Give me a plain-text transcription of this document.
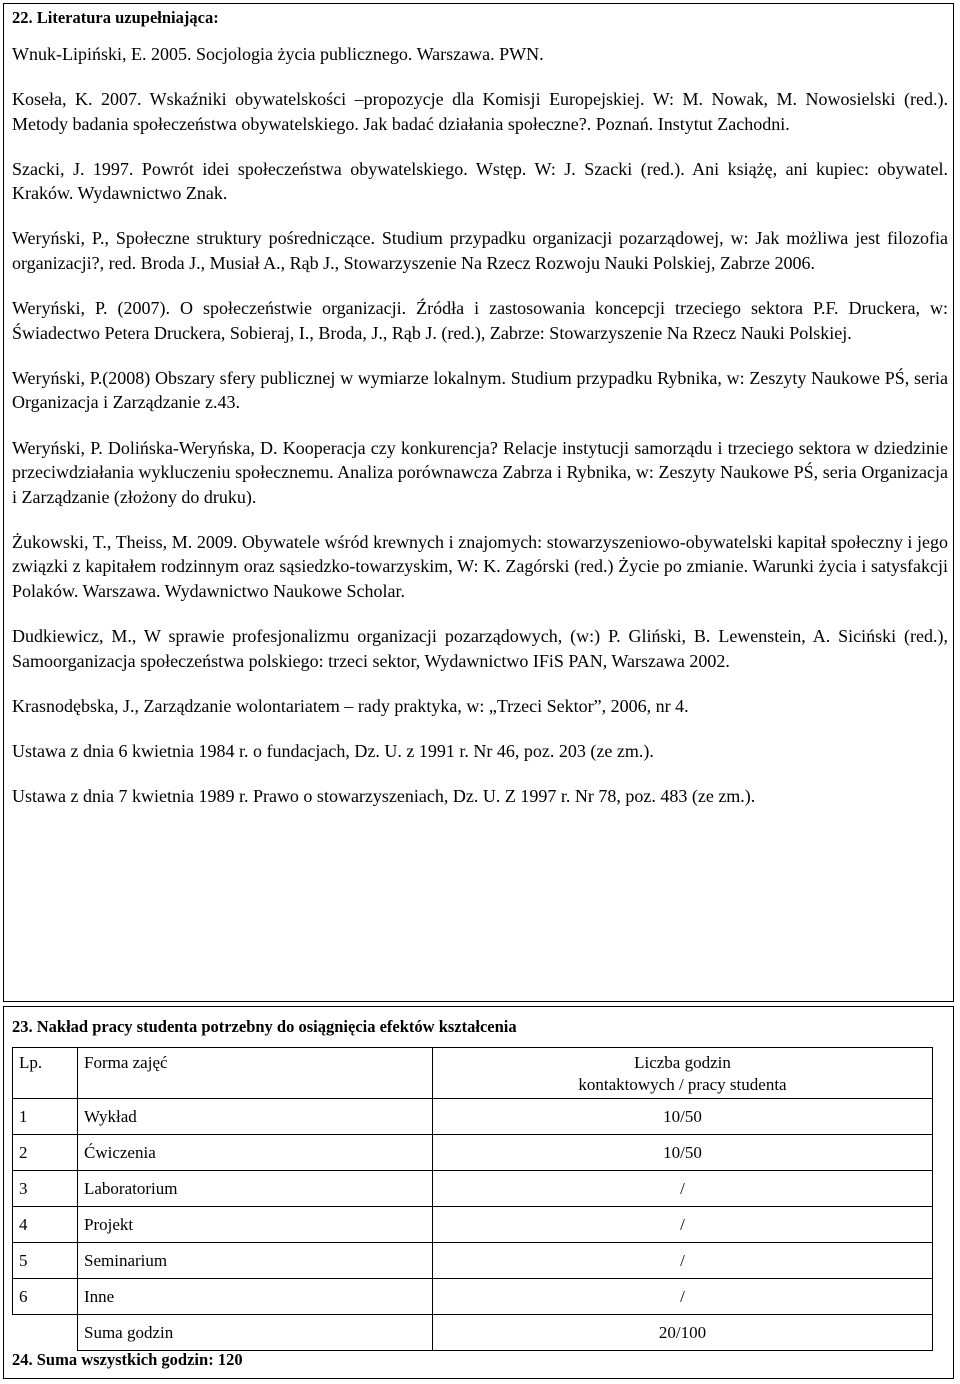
22. Literatura uzupełniająca:

Wnuk-Lipiński, E. 2005. Socjologia życia publicznego. Warszawa. PWN.

Koseła, K. 2007. Wskaźniki obywatelskości –propozycje dla Komisji Europejskiej. W: M. Nowak, M. Nowosielski (red.). Metody badania społeczeństwa obywatelskiego. Jak badać działania społeczne?. Poznań. Instytut Zachodni.

Szacki, J. 1997. Powrót idei społeczeństwa obywatelskiego. Wstęp. W: J. Szacki (red.). Ani książę, ani kupiec: obywatel. Kraków. Wydawnictwo Znak.

Weryński, P., Społeczne struktury pośredniczące. Studium przypadku organizacji pozarządowej, w: Jak możliwa jest filozofia organizacji?, red. Broda J., Musiał A., Rąb J., Stowarzyszenie Na Rzecz Rozwoju Nauki Polskiej, Zabrze 2006.

Weryński, P. (2007). O społeczeństwie organizacji. Źródła i zastosowania koncepcji trzeciego sektora P.F. Druckera, w: Świadectwo Petera Druckera, Sobieraj, I., Broda, J., Rąb J. (red.), Zabrze: Stowarzyszenie Na Rzecz Nauki Polskiej.

Weryński, P.(2008) Obszary sfery publicznej w wymiarze lokalnym. Studium przypadku Rybnika, w: Zeszyty Naukowe PŚ, seria Organizacja i Zarządzanie z.43.

Weryński, P. Dolińska-Weryńska, D. Kooperacja czy konkurencja? Relacje instytucji samorządu i trzeciego sektora w dziedzinie przeciwdziałania wykluczeniu społecznemu. Analiza porównawcza Zabrza i Rybnika, w: Zeszyty Naukowe PŚ, seria Organizacja i Zarządzanie (złożony do druku).

Żukowski, T., Theiss, M. 2009. Obywatele wśród krewnych i znajomych: stowarzyszeniowo-obywatelski kapitał społeczny i jego związki z kapitałem rodzinnym oraz sąsiedzko-towarzyskim, W: K. Zagórski (red.) Życie po zmianie. Warunki życia i satysfakcji Polaków. Warszawa. Wydawnictwo Naukowe Scholar.

Dudkiewicz, M., W sprawie profesjonalizmu organizacji pozarządowych, (w:) P. Gliński, B. Lewenstein, A. Siciński (red.), Samoorganizacja społeczeństwa polskiego: trzeci sektor, Wydawnictwo IFiS PAN, Warszawa 2002.

Krasnodębska, J., Zarządzanie wolontariatem – rady praktyka, w: „Trzeci Sektor”, 2006, nr 4.

Ustawa z dnia 6 kwietnia 1984 r. o fundacjach, Dz. U. z 1991 r. Nr 46, poz. 203 (ze zm.).

Ustawa z dnia 7 kwietnia 1989 r. Prawo o stowarzyszeniach, Dz. U. Z 1997 r. Nr 78, poz. 483 (ze zm.).

23. Nakład pracy studenta potrzebny do osiągnięcia efektów kształcenia
Lp.	Forma zajęć	Liczba godzin
kontaktowych / pracy studenta

1	Wykład	10/50
2	Ćwiczenia	10/50
3	Laboratorium	/
4	Projekt	/
5	Seminarium	/
6	Inne	/
	Suma godzin	20/100
24. Suma wszystkich godzin: 120
